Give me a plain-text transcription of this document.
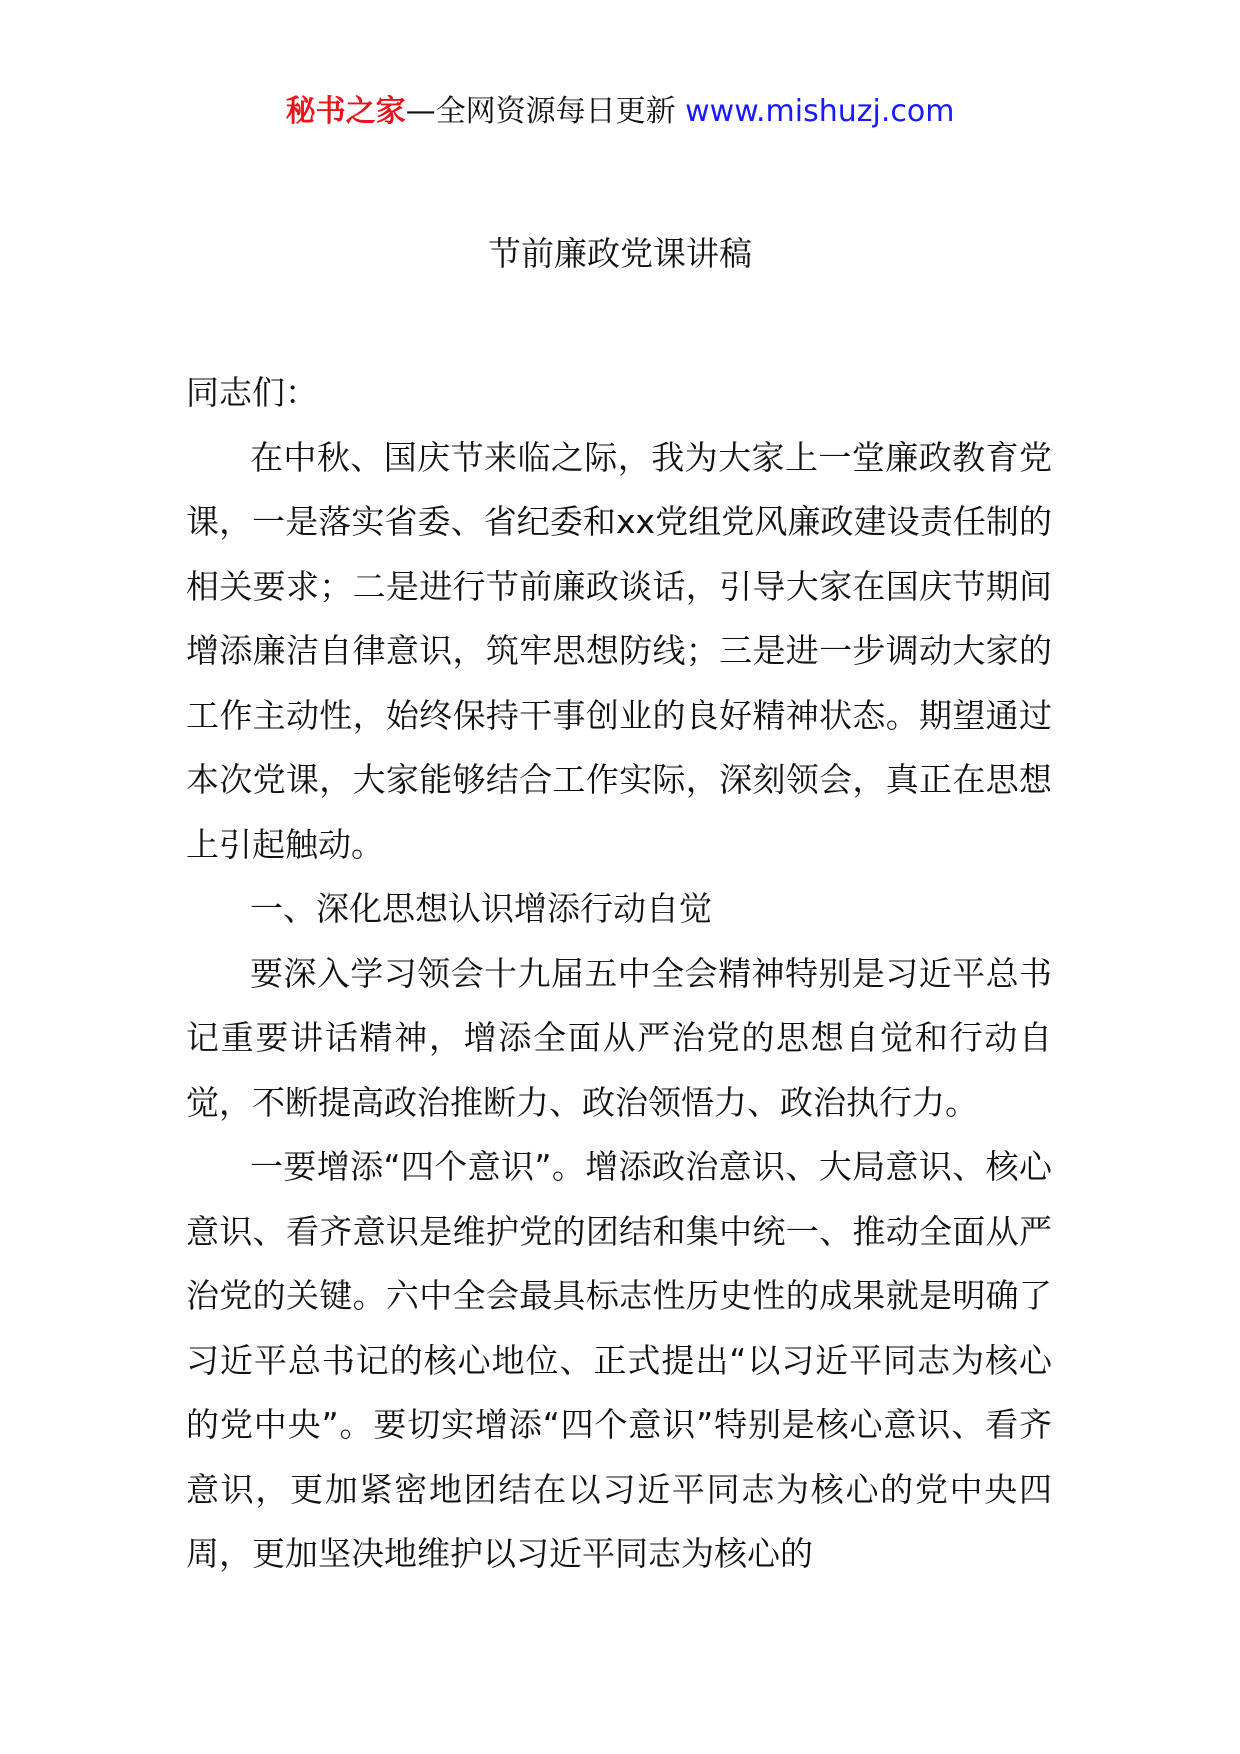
秘书之家—全网资源每日更新 www.mishuzj.com
节前廉政党课讲稿

同志们：

在中秋、国庆节来临之际，我为大家上一堂廉政教育党课，一是落实省委、省纪委和xx党组党风廉政建设责任制的相关要求；二是进行节前廉政谈话，引导大家在国庆节期间增添廉洁自律意识，筑牢思想防线；三是进一步调动大家的工作主动性，始终保持干事创业的良好精神状态。期望通过本次党课，大家能够结合工作实际，深刻领会，真正在思想上引起触动。

一、深化思想认识增添行动自觉

要深入学习领会十九届五中全会精神特别是习近平总书记重要讲话精神，增添全面从严治党的思想自觉和行动自觉，不断提高政治推断力、政治领悟力、政治执行力。

一要增添“四个意识”。增添政治意识、大局意识、核心意识、看齐意识是维护党的团结和集中统一、推动全面从严治党的关键。六中全会最具标志性历史性的成果就是明确了习近平总书记的核心地位、正式提出“以习近平同志为核心的党中央”。要切实增添“四个意识”特别是核心意识、看齐意识，更加紧密地团结在以习近平同志为核心的党中央四周，更加坚决地维护以习近平同志为核心的
